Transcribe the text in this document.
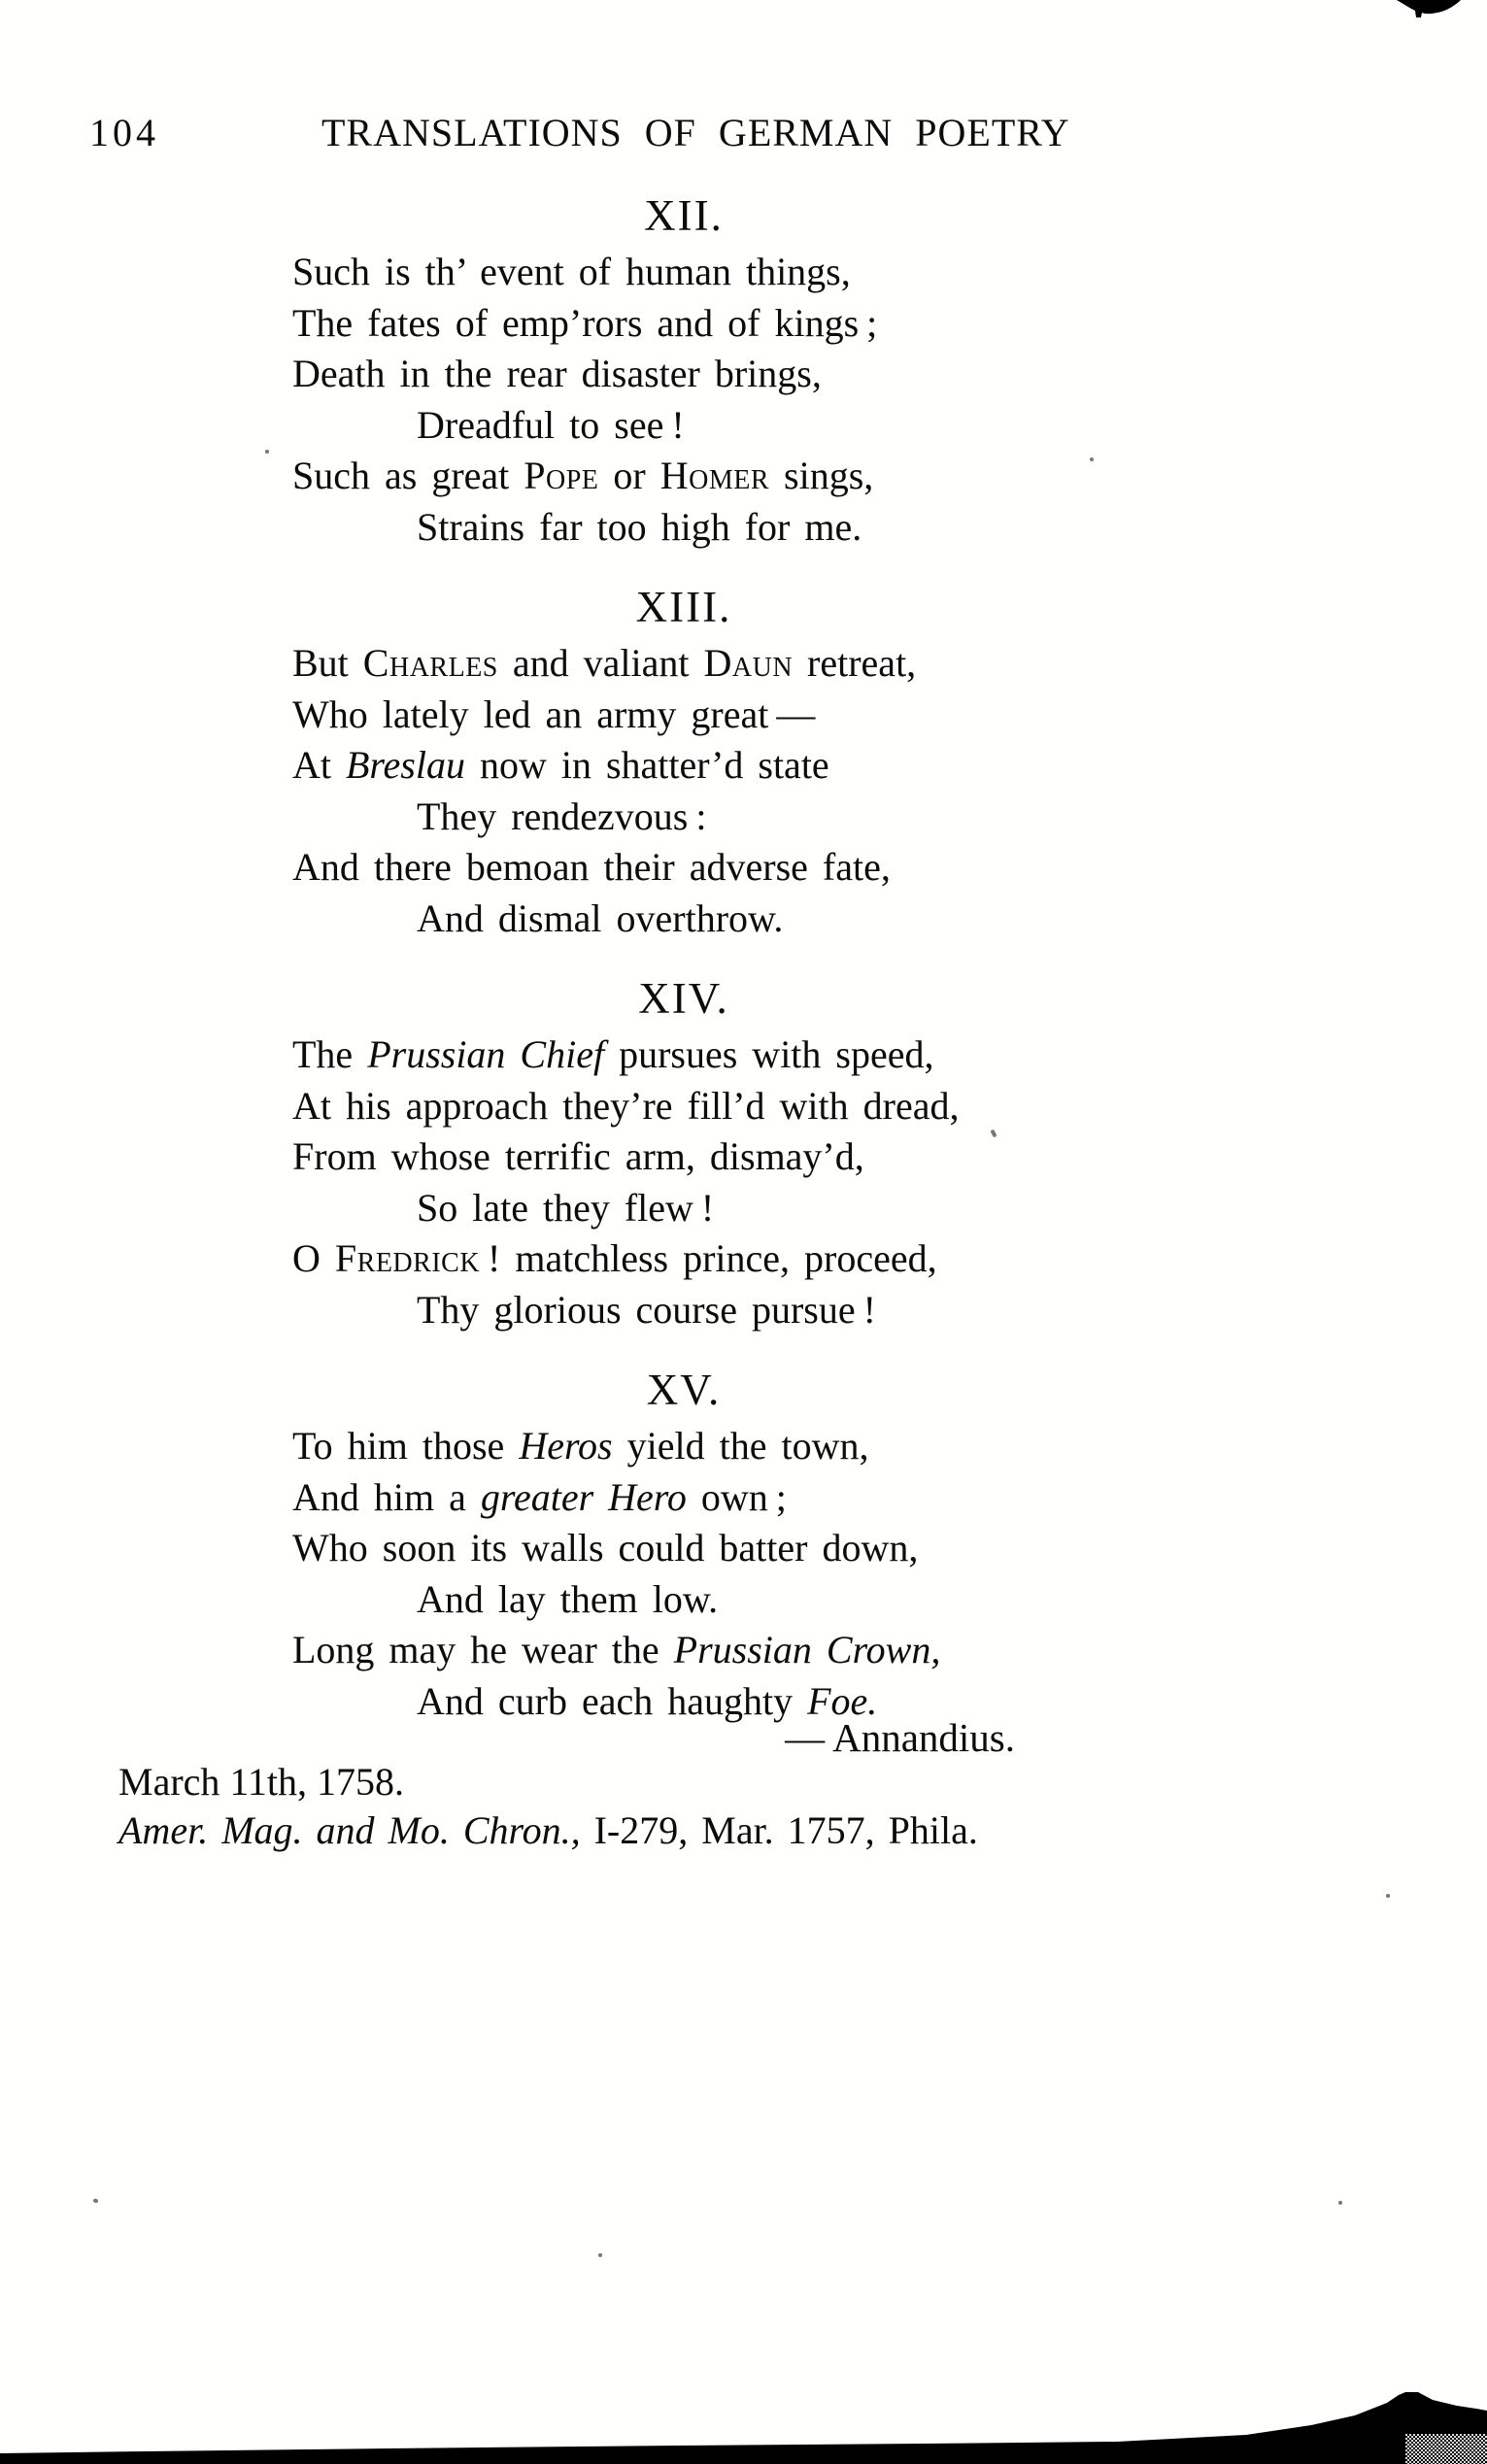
104	TRANSLATIONS OF GERMAN POETRY
XII.
Such is th’ event of human things,
The fates of emp’rors and of kings ;
Death in the rear disaster brings,
Dreadful to see !
Such as great Pope or Homer sings,
Strains far too high for me.
XIII.
But Charles and valiant Daun retreat,
Who lately led an army great —
At Breslau now in shatter’d state
They rendezvous :
And there bemoan their adverse fate,
And dismal overthrow.
XIV.
The Prussian Chief pursues with speed,
At his approach they’re fill’d with dread,
From whose terrific arm, dismay’d,
So late they flew !
O Fredrick ! matchless prince, proceed,
Thy glorious course pursue !
XV.
To him those Heros yield the town,
And him a greater Hero own ;
Who soon its walls could batter down,
And lay them low.
Long may he wear the Prussian Crown,
And curb each haughty Foe.
— Annandius.
March 11th, 1758.
Amer. Mag. and Mo. Chron., I-279, Mar. 1757, Phila.
